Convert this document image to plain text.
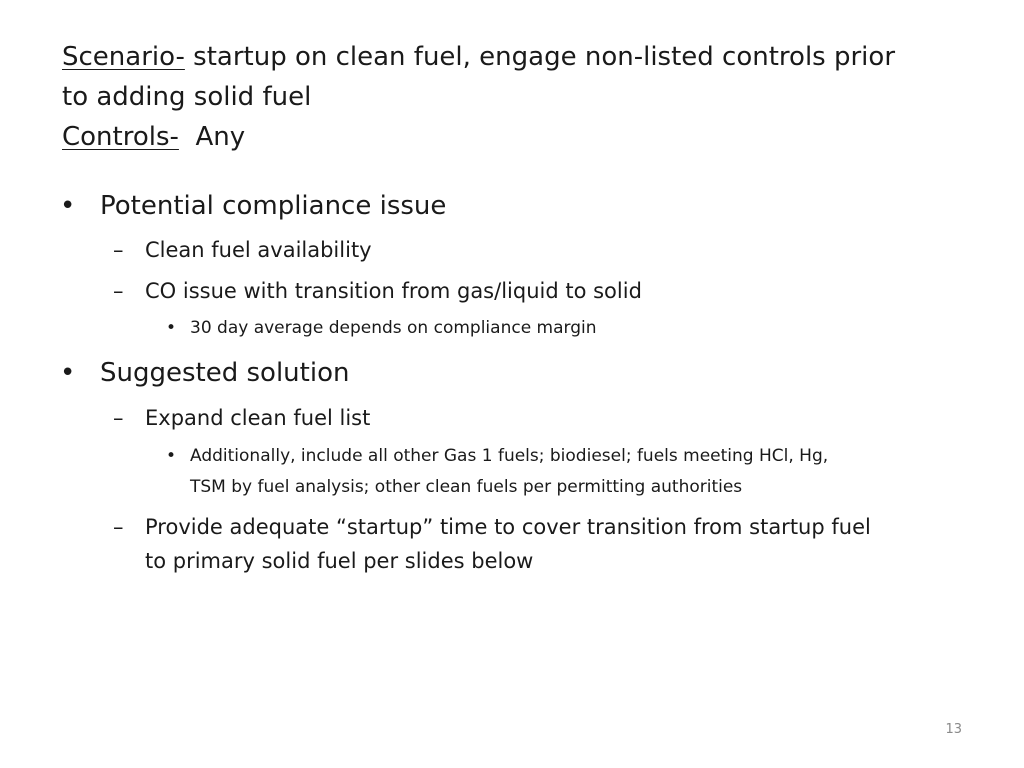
Scenario- startup on clean fuel, engage non-listed controls prior
to adding solid fuel
Controls-  Any
• Potential compliance issue
– Clean fuel availability
– CO issue with transition from gas/liquid to solid
• 30 day average depends on compliance margin
• Suggested solution
– Expand clean fuel list
• Additionally, include all other Gas 1 fuels; biodiesel; fuels meeting HCl, Hg,
TSM by fuel analysis; other clean fuels per permitting authorities
– Provide adequate “startup” time to cover transition from startup fuel
to primary solid fuel per slides below
13
